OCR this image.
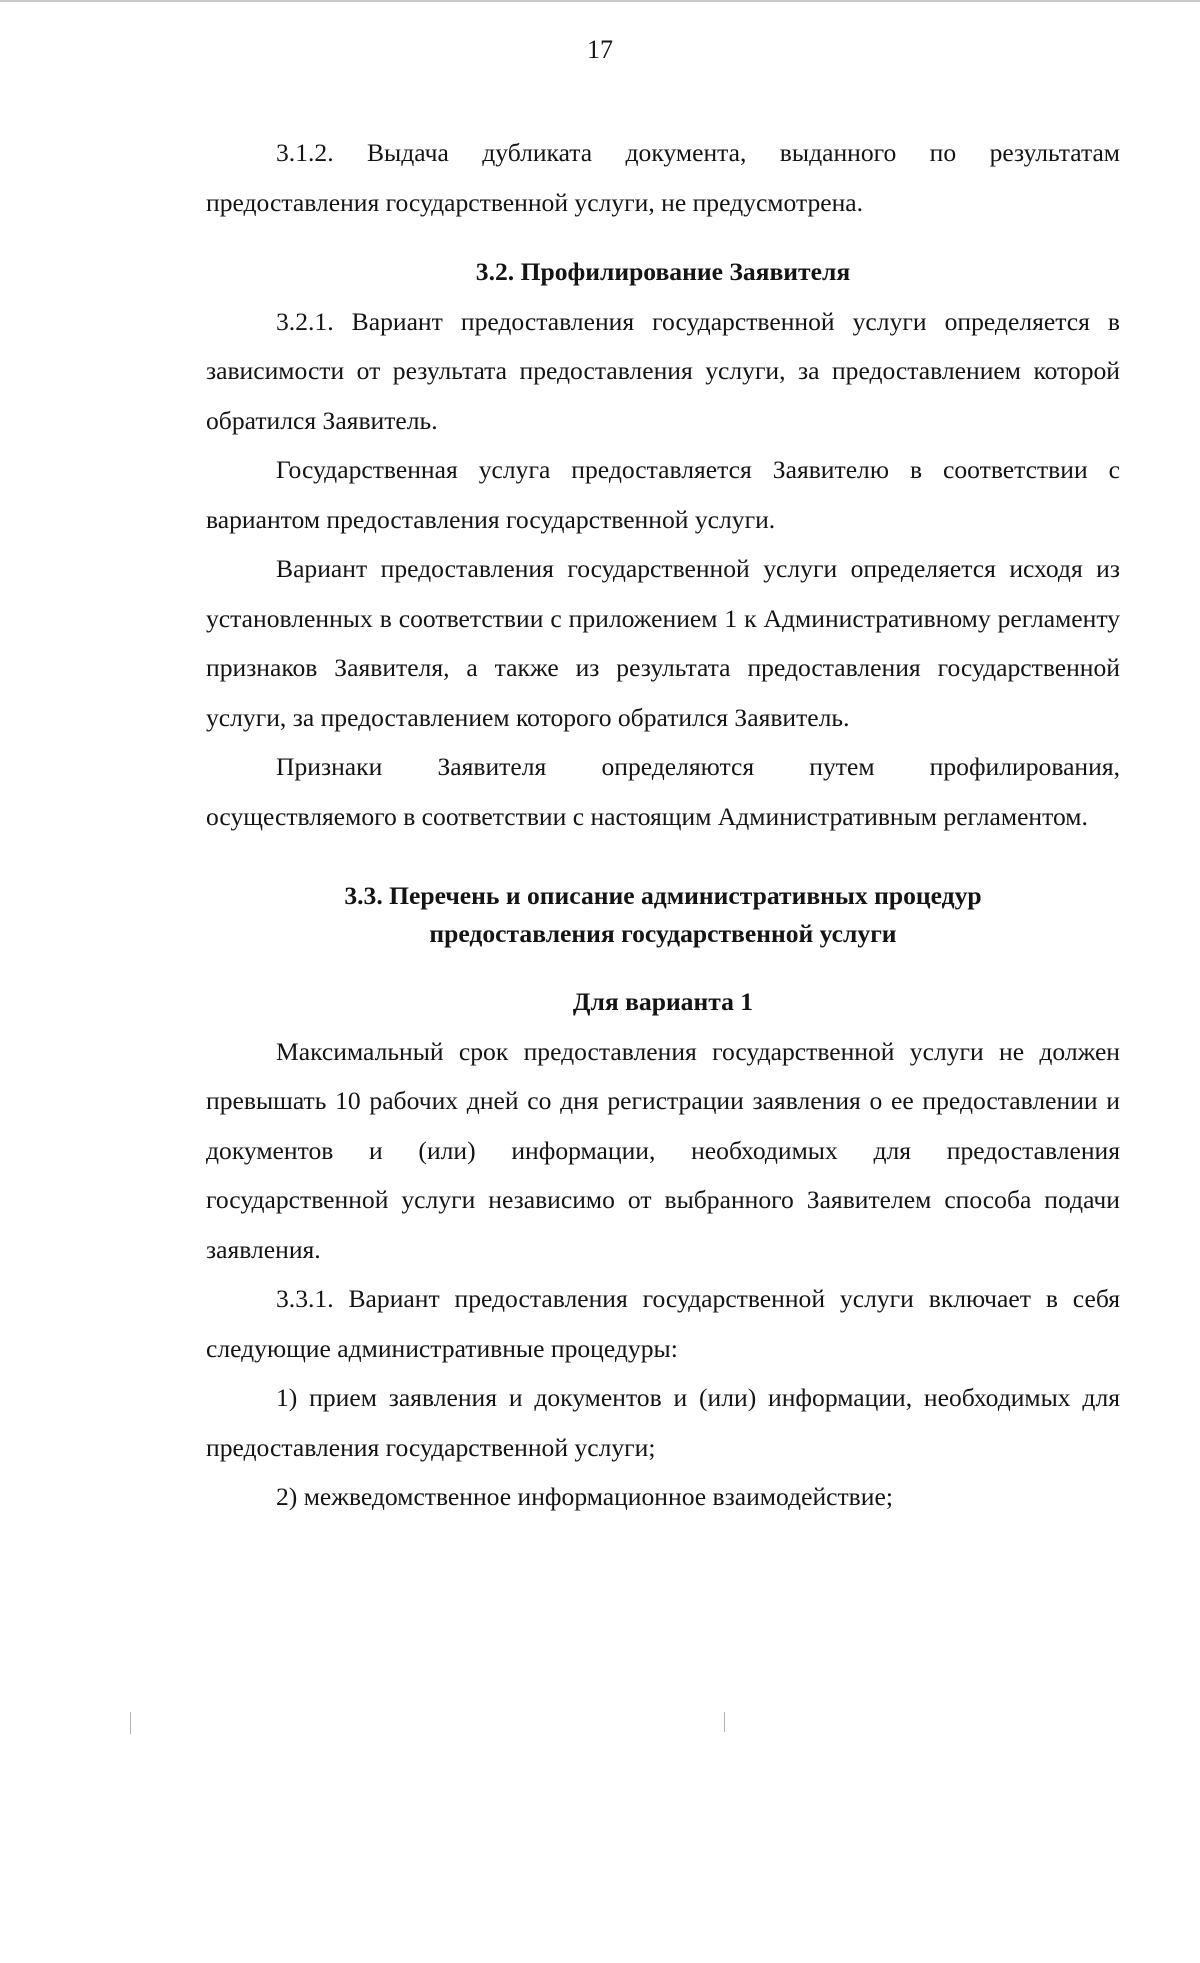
17

3.1.2. Выдача дубликата документа, выданного по результатам предоставления государственной услуги, не предусмотрена.

3.2. Профилирование Заявителя

3.2.1. Вариант предоставления государственной услуги определяется в зависимости от результата предоставления услуги, за предоставлением которой обратился Заявитель.

Государственная услуга предоставляется Заявителю в соответствии с вариантом предоставления государственной услуги.

Вариант предоставления государственной услуги определяется исходя из установленных в соответствии с приложением 1 к Административному регламенту признаков Заявителя, а также из результата предоставления государственной услуги, за предоставлением которого обратился Заявитель.

Признаки Заявителя определяются путем профилирования, осуществляемого в соответствии с настоящим Административным регламентом.

3.3. Перечень и описание административных процедур
предоставления государственной услуги

Для варианта 1

Максимальный срок предоставления государственной услуги не должен превышать 10 рабочих дней со дня регистрации заявления о ее предоставлении и документов и (или) информации, необходимых для предоставления государственной услуги независимо от выбранного Заявителем способа подачи заявления.

3.3.1. Вариант предоставления государственной услуги включает в себя следующие административные процедуры:

1) прием заявления и документов и (или) информации, необходимых для предоставления государственной услуги;

2) межведомственное информационное взаимодействие;
